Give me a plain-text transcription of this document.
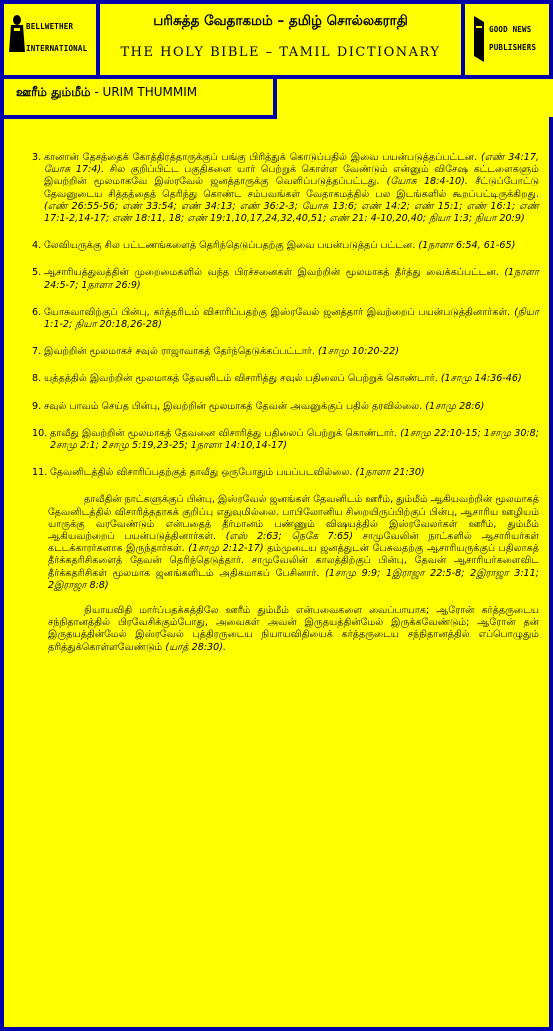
BELLWETHER
INTERNATIONAL
பரிசுத்த வேதாகமம் – தமிழ் சொல்லகராதி
THE HOLY BIBLE – TAMIL DICTIONARY
GOOD NEWS
PUBLISHERS
ஊரீம் தும்மீம் - URIM THUMMIM
3. கானான் தேசத்தைக் கோத்திரத்தாருக்குப் பங்கு பிரித்துக் கொடுப்பதில் இவை பயன்படுத்தப்பட்டன. (எண் 34:17, யோசு 17:4). சில குறிப்பிட்ட பகுதிகளை யார் பெற்றுக் கொள்ள வேண்டும் என்னும் விசேஷ கட்டளைகளும் இவற்றின் மூலமாகவே இஸ்ரவேல் ஜனத்தாருக்கு வெளிப்படுத்தப்பட்டது. (யோசு 18:4-10). சீட்டுப்போட்டு தேவனுடைய சித்தத்தைத் தெரிந்து கொண்ட சம்பவங்கள் வேதாகமத்தில் பல இடங்களில் கூறப்பட்டிருக்கிறது. (எண் 26:55-56; எண் 33:54; எண் 34:13; எண் 36:2-3; யோசு 13:6; எண் 14:2; எண் 15:1; எண் 16:1; எண் 17:1-2,14-17; எண் 18:11, 18; எண் 19:1,10,17,24,32,40,51; எண் 21: 4-10,20,40; நியா 1:3; நியா 20:9)
4. லேவியருக்கு சில பட்டணங்களைத் தெரிந்தெடுப்பதற்கு இவை பயன்படுத்தப் பட்டன. (1நாளா 6:54, 61-65)
5. ஆசாரியத்துவத்தின் முறைமைகளில் வந்த பிரச்சனைகள் இவற்றின் மூலமாகத் தீர்த்து வைக்கப்பட்டன. (1நாளா 24:5-7; 1நாளா 26:9)
6. யோசுவாவிற்குப் பின்பு, கர்த்தரிடம் விசாரிப்பதற்கு இஸ்ரவேல் ஜனத்தார் இவற்றைப் பயன்படுத்தினார்கள். (நியா 1:1-2; நியா 20:18,26-28)
7. இவற்றின் மூலமாகச் சவுல் ராஜாவாகத் தேர்ந்தெடுக்கப்பட்டார். (1சாமு 10:20-22)
8. யுத்தத்தில் இவற்றின் மூலமாகத் தேவனிடம் விசாரித்து சவுல் பதிலைப் பெற்றுக் கொண்டார். (1சாமு 14:36-46)
9. சவுல் பாவம் செய்த பின்பு, இவற்றின் மூலமாகத் தேவன் அவனுக்குப் பதில் தரவில்லை. (1சாமு 28:6)
10. தாவீது இவற்றின் மூலமாகத் தேவனை விசாரித்து பதிலைப் பெற்றுக் கொண்டார். (1சாமு 22:10-15; 1சாமு 30:8; 2சாமு 2:1; 2சாமு 5:19,23-25; 1நாளா 14:10,14-17)
11. தேவனிடத்தில் விசாரிப்பதற்குத் தாவீது ஒருபோதும் பயப்படவில்லை. (1நாளா 21:30)

தாவீதின் நாட்களுக்குப் பின்பு, இஸ்ரவேல் ஜனங்கள் தேவனிடம் ஊரீம், தும்மீம் ஆகியவற்றின் மூலமாகத் தேவனிடத்தில் விசாரித்ததாகக் குறிப்பு எதுவுமில்லை. பாபிலோனிய சிறையிருப்பிற்குப் பின்பு, ஆசாரிய ஊழியம் யாருக்கு வரவேண்டும் என்பதைத் தீர்மானம் பண்ணும் விஷயத்தில் இஸ்ரவேலர்கள் ஊரீம், தும்மீம் ஆகியவற்றைப் பயன்படுத்தினார்கள். (எஸ் 2:63; நெகே 7:65) சாமுவேலின் நாட்களில் ஆசாரியர்கள் கடடக்காரர்களாக இருந்தார்கள். (1சாமு 2:12-17) தம்முடைய ஜனத்துடன் பேசுவதற்கு ஆசாரியருக்குப் பதிலாகத் தீர்க்கதரிசிகளைத் தேவன் தெரிந்தெடுத்தார். சாமுவேலின் காலத்திற்குப் பின்பு, தேவன் ஆசாரியர்களைவிட தீர்க்கதரிசிகள் மூலமாக ஜனங்களிடம் அதிகமாகப் பேசினார். (1சாமு 9:9; 1இராஜா 22:5-8; 2இராஜா 3:11; 2இராஜா 8:8)

நியாயவிதி மார்ப்பதக்கத்திலே ஊரீம் தும்மீம் என்பவைகளை வைப்பாயாக; ஆரோன் கர்த்தருடைய சந்நிதானத்தில் பிரவேசிக்கும்போது, அவைகள் அவன் இருதயத்தின்மேல் இருக்கவேண்டும்; ஆரோன் தன் இருதயத்தின்மேல் இஸ்ரவேல் புத்திரருடைய நியாயவிதியைக் கர்த்தருடைய சந்நிதானத்தில் எப்பொழுதும் தரித்துக்கொள்ளவேண்டும் (யாத் 28:30).
